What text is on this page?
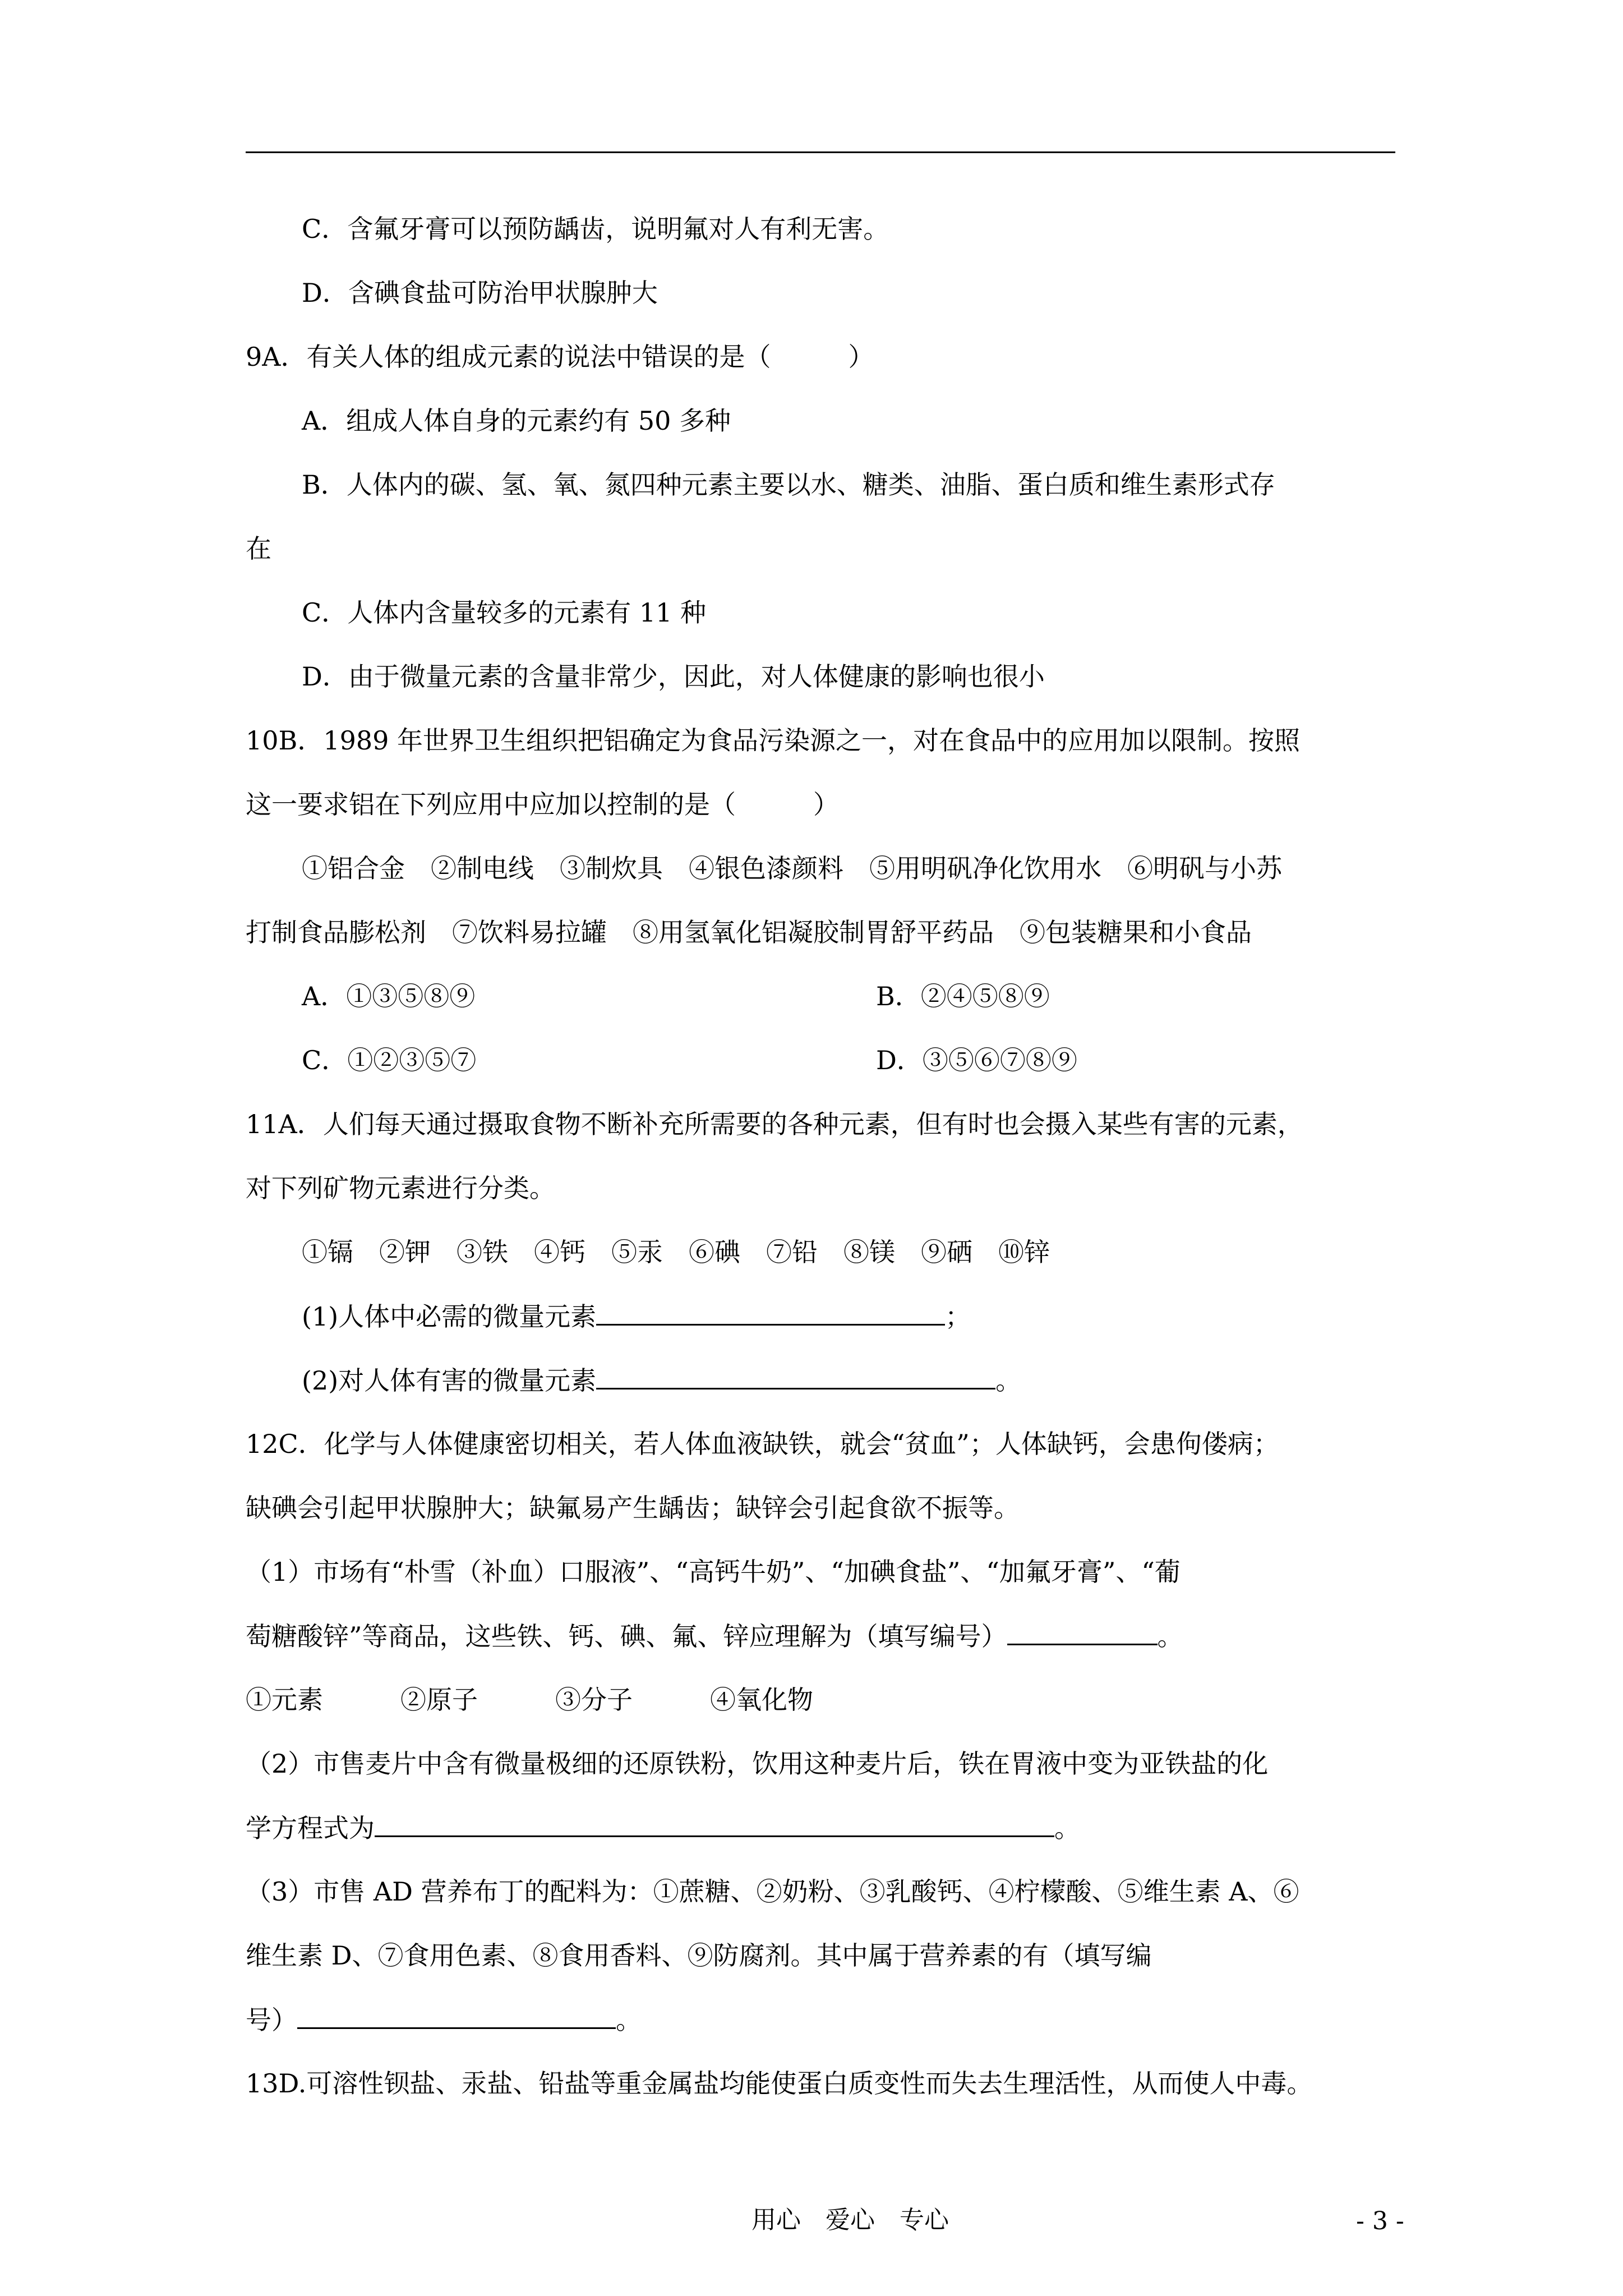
C．含氟牙膏可以预防龋齿，说明氟对人有利无害。
D．含碘食盐可防治甲状腺肿大
9A．有关人体的组成元素的说法中错误的是（　　　）
A．组成人体自身的元素约有 50 多种
B．人体内的碳、氢、氧、氮四种元素主要以水、糖类、油脂、蛋白质和维生素形式存
在
C．人体内含量较多的元素有 11 种
D．由于微量元素的含量非常少，因此，对人体健康的影响也很小
10B．1989 年世界卫生组织把铝确定为食品污染源之一，对在食品中的应用加以限制。按照
这一要求铝在下列应用中应加以控制的是（　　　）
①铝合金　②制电线　③制炊具　④银色漆颜料　⑤用明矾净化饮用水　⑥明矾与小苏
打制食品膨松剂　⑦饮料易拉罐　⑧用氢氧化铝凝胶制胃舒平药品　⑨包装糖果和小食品
A．①③⑤⑧⑨	B．②④⑤⑧⑨
C．①②③⑤⑦	D．③⑤⑥⑦⑧⑨
11A．人们每天通过摄取食物不断补充所需要的各种元素，但有时也会摄入某些有害的元素，
对下列矿物元素进行分类。
①镉　②钾　③铁　④钙　⑤汞　⑥碘　⑦铅　⑧镁　⑨硒　⑩锌
(1)人体中必需的微量元素	；
(2)对人体有害的微量元素	。
12C．化学与人体健康密切相关，若人体血液缺铁，就会“贫血”；人体缺钙，会患佝偻病；
缺碘会引起甲状腺肿大；缺氟易产生龋齿；缺锌会引起食欲不振等。
（1）市场有“朴雪（补血）口服液”、“高钙牛奶”、“加碘食盐”、“加氟牙膏”、“葡
萄糖酸锌”等商品，这些铁、钙、碘、氟、锌应理解为（填写编号）	。
①元素　　　②原子　　　③分子　　　④氧化物
（2）市售麦片中含有微量极细的还原铁粉，饮用这种麦片后，铁在胃液中变为亚铁盐的化
学方程式为	。
（3）市售 AD 营养布丁的配料为：①蔗糖、②奶粉、③乳酸钙、④柠檬酸、⑤维生素 A、⑥
维生素 D、⑦食用色素、⑧食用香料、⑨防腐剂。其中属于营养素的有（填写编
号）	。
13D.可溶性钡盐、汞盐、铅盐等重金属盐均能使蛋白质变性而失去生理活性，从而使人中毒。
用心　爱心　专心	- 3 -
